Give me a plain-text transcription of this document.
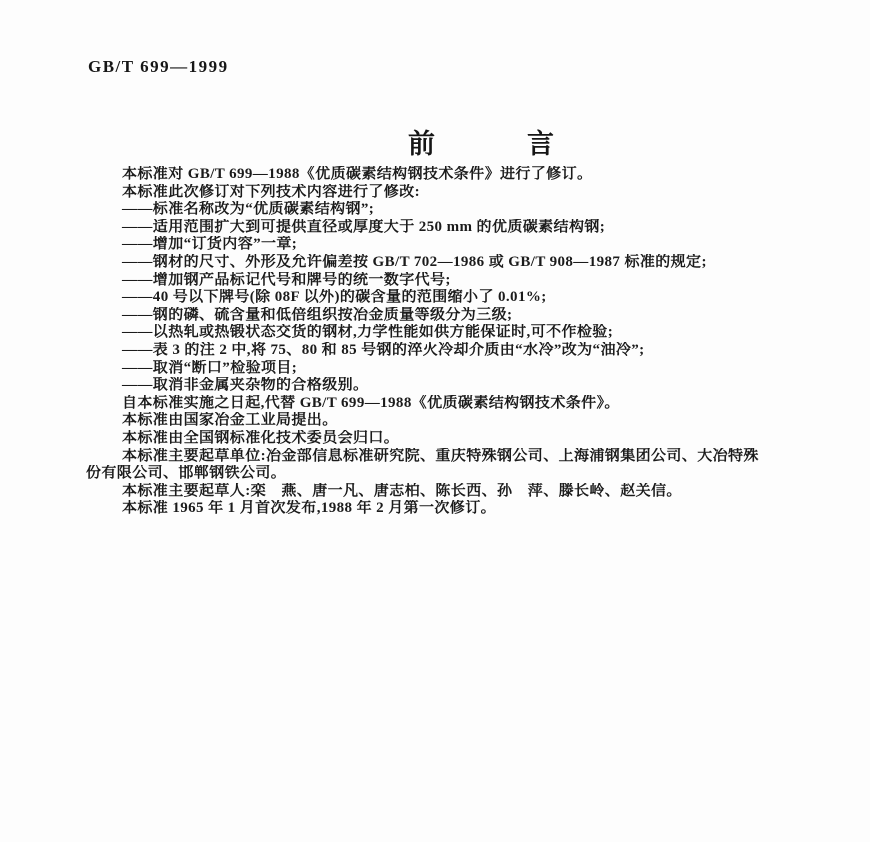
GB/T 699—1999
前	言
本标准对 GB/T 699—1988《优质碳素结构钢技术条件》进行了修订。
本标准此次修订对下列技术内容进行了修改:
——标准名称改为“优质碳素结构钢”;
——适用范围扩大到可提供直径或厚度大于 250 mm 的优质碳素结构钢;
——增加“订货内容”一章;
——钢材的尺寸、外形及允许偏差按 GB/T 702—1986 或 GB/T 908—1987 标准的规定;
——增加钢产品标记代号和牌号的统一数字代号;
——40 号以下牌号(除 08F 以外)的碳含量的范围缩小了 0.01%;
——钢的磷、硫含量和低倍组织按冶金质量等级分为三级;
——以热轧或热锻状态交货的钢材,力学性能如供方能保证时,可不作检验;
——表 3 的注 2 中,将 75、80 和 85 号钢的淬火冷却介质由“水冷”改为“油冷”;
——取消“断口”检验项目;
——取消非金属夹杂物的合格级别。
自本标准实施之日起,代替 GB/T 699—1988《优质碳素结构钢技术条件》。
本标准由国家冶金工业局提出。
本标准由全国钢标准化技术委员会归口。
本标准主要起草单位:冶金部信息标准研究院、重庆特殊钢公司、上海浦钢集团公司、大冶特殊
份有限公司、邯郸钢铁公司。
本标准主要起草人:栾　燕、唐一凡、唐志柏、陈长西、孙　萍、滕长岭、赵关信。
本标准 1965 年 1 月首次发布,1988 年 2 月第一次修订。
